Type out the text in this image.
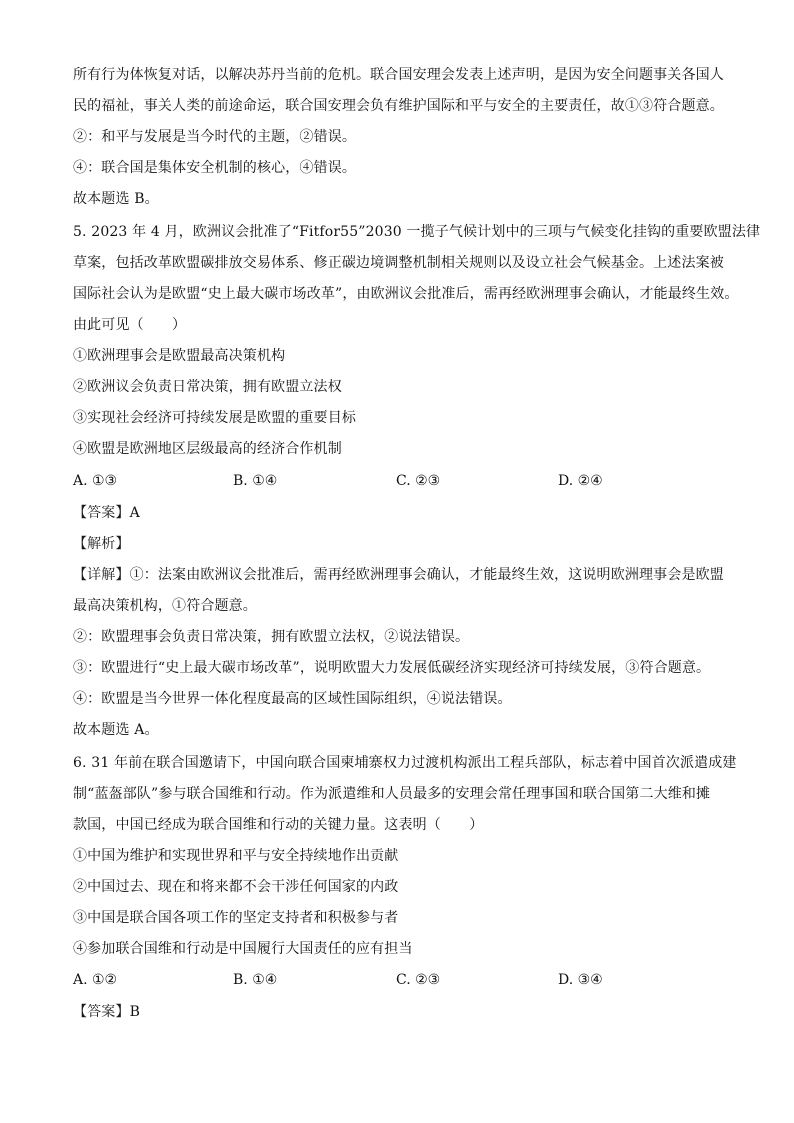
所有行为体恢复对话，以解决苏丹当前的危机。联合国安理会发表上述声明，是因为安全问题事关各国人
民的福祉，事关人类的前途命运，联合国安理会负有维护国际和平与安全的主要责任，故①③符合题意。
②：和平与发展是当今时代的主题，②错误。
④：联合国是集体安全机制的核心，④错误。
故本题选 B。
5. 2023 年 4 月，欧洲议会批准了“Fitfor55”2030 一揽子气候计划中的三项与气候变化挂钩的重要欧盟法律
草案，包括改革欧盟碳排放交易体系、修正碳边境调整机制相关规则以及设立社会气候基金。上述法案被
国际社会认为是欧盟“史上最大碳市场改革”，由欧洲议会批准后，需再经欧洲理事会确认，才能最终生效。
由此可见（　　）
①欧洲理事会是欧盟最高决策机构
②欧洲议会负责日常决策，拥有欧盟立法权
③实现社会经济可持续发展是欧盟的重要目标
④欧盟是欧洲地区层级最高的经济合作机制
A. ①③	B. ①④	C. ②③	D. ②④
【答案】A
【解析】
【详解】①：法案由欧洲议会批准后，需再经欧洲理事会确认，才能最终生效，这说明欧洲理事会是欧盟
最高决策机构，①符合题意。
②：欧盟理事会负责日常决策，拥有欧盟立法权，②说法错误。
③：欧盟进行“史上最大碳市场改革”，说明欧盟大力发展低碳经济实现经济可持续发展，③符合题意。
④：欧盟是当今世界一体化程度最高的区域性国际组织，④说法错误。
故本题选 A。
6. 31 年前在联合国邀请下，中国向联合国柬埔寨权力过渡机构派出工程兵部队，标志着中国首次派遣成建
制“蓝盔部队”参与联合国维和行动。作为派遣维和人员最多的安理会常任理事国和联合国第二大维和摊
款国，中国已经成为联合国维和行动的关键力量。这表明（　　）
①中国为维护和实现世界和平与安全持续地作出贡献
②中国过去、现在和将来都不会干涉任何国家的内政
③中国是联合国各项工作的坚定支持者和积极参与者
④参加联合国维和行动是中国履行大国责任的应有担当
A. ①②	B. ①④	C. ②③	D. ③④
【答案】B
